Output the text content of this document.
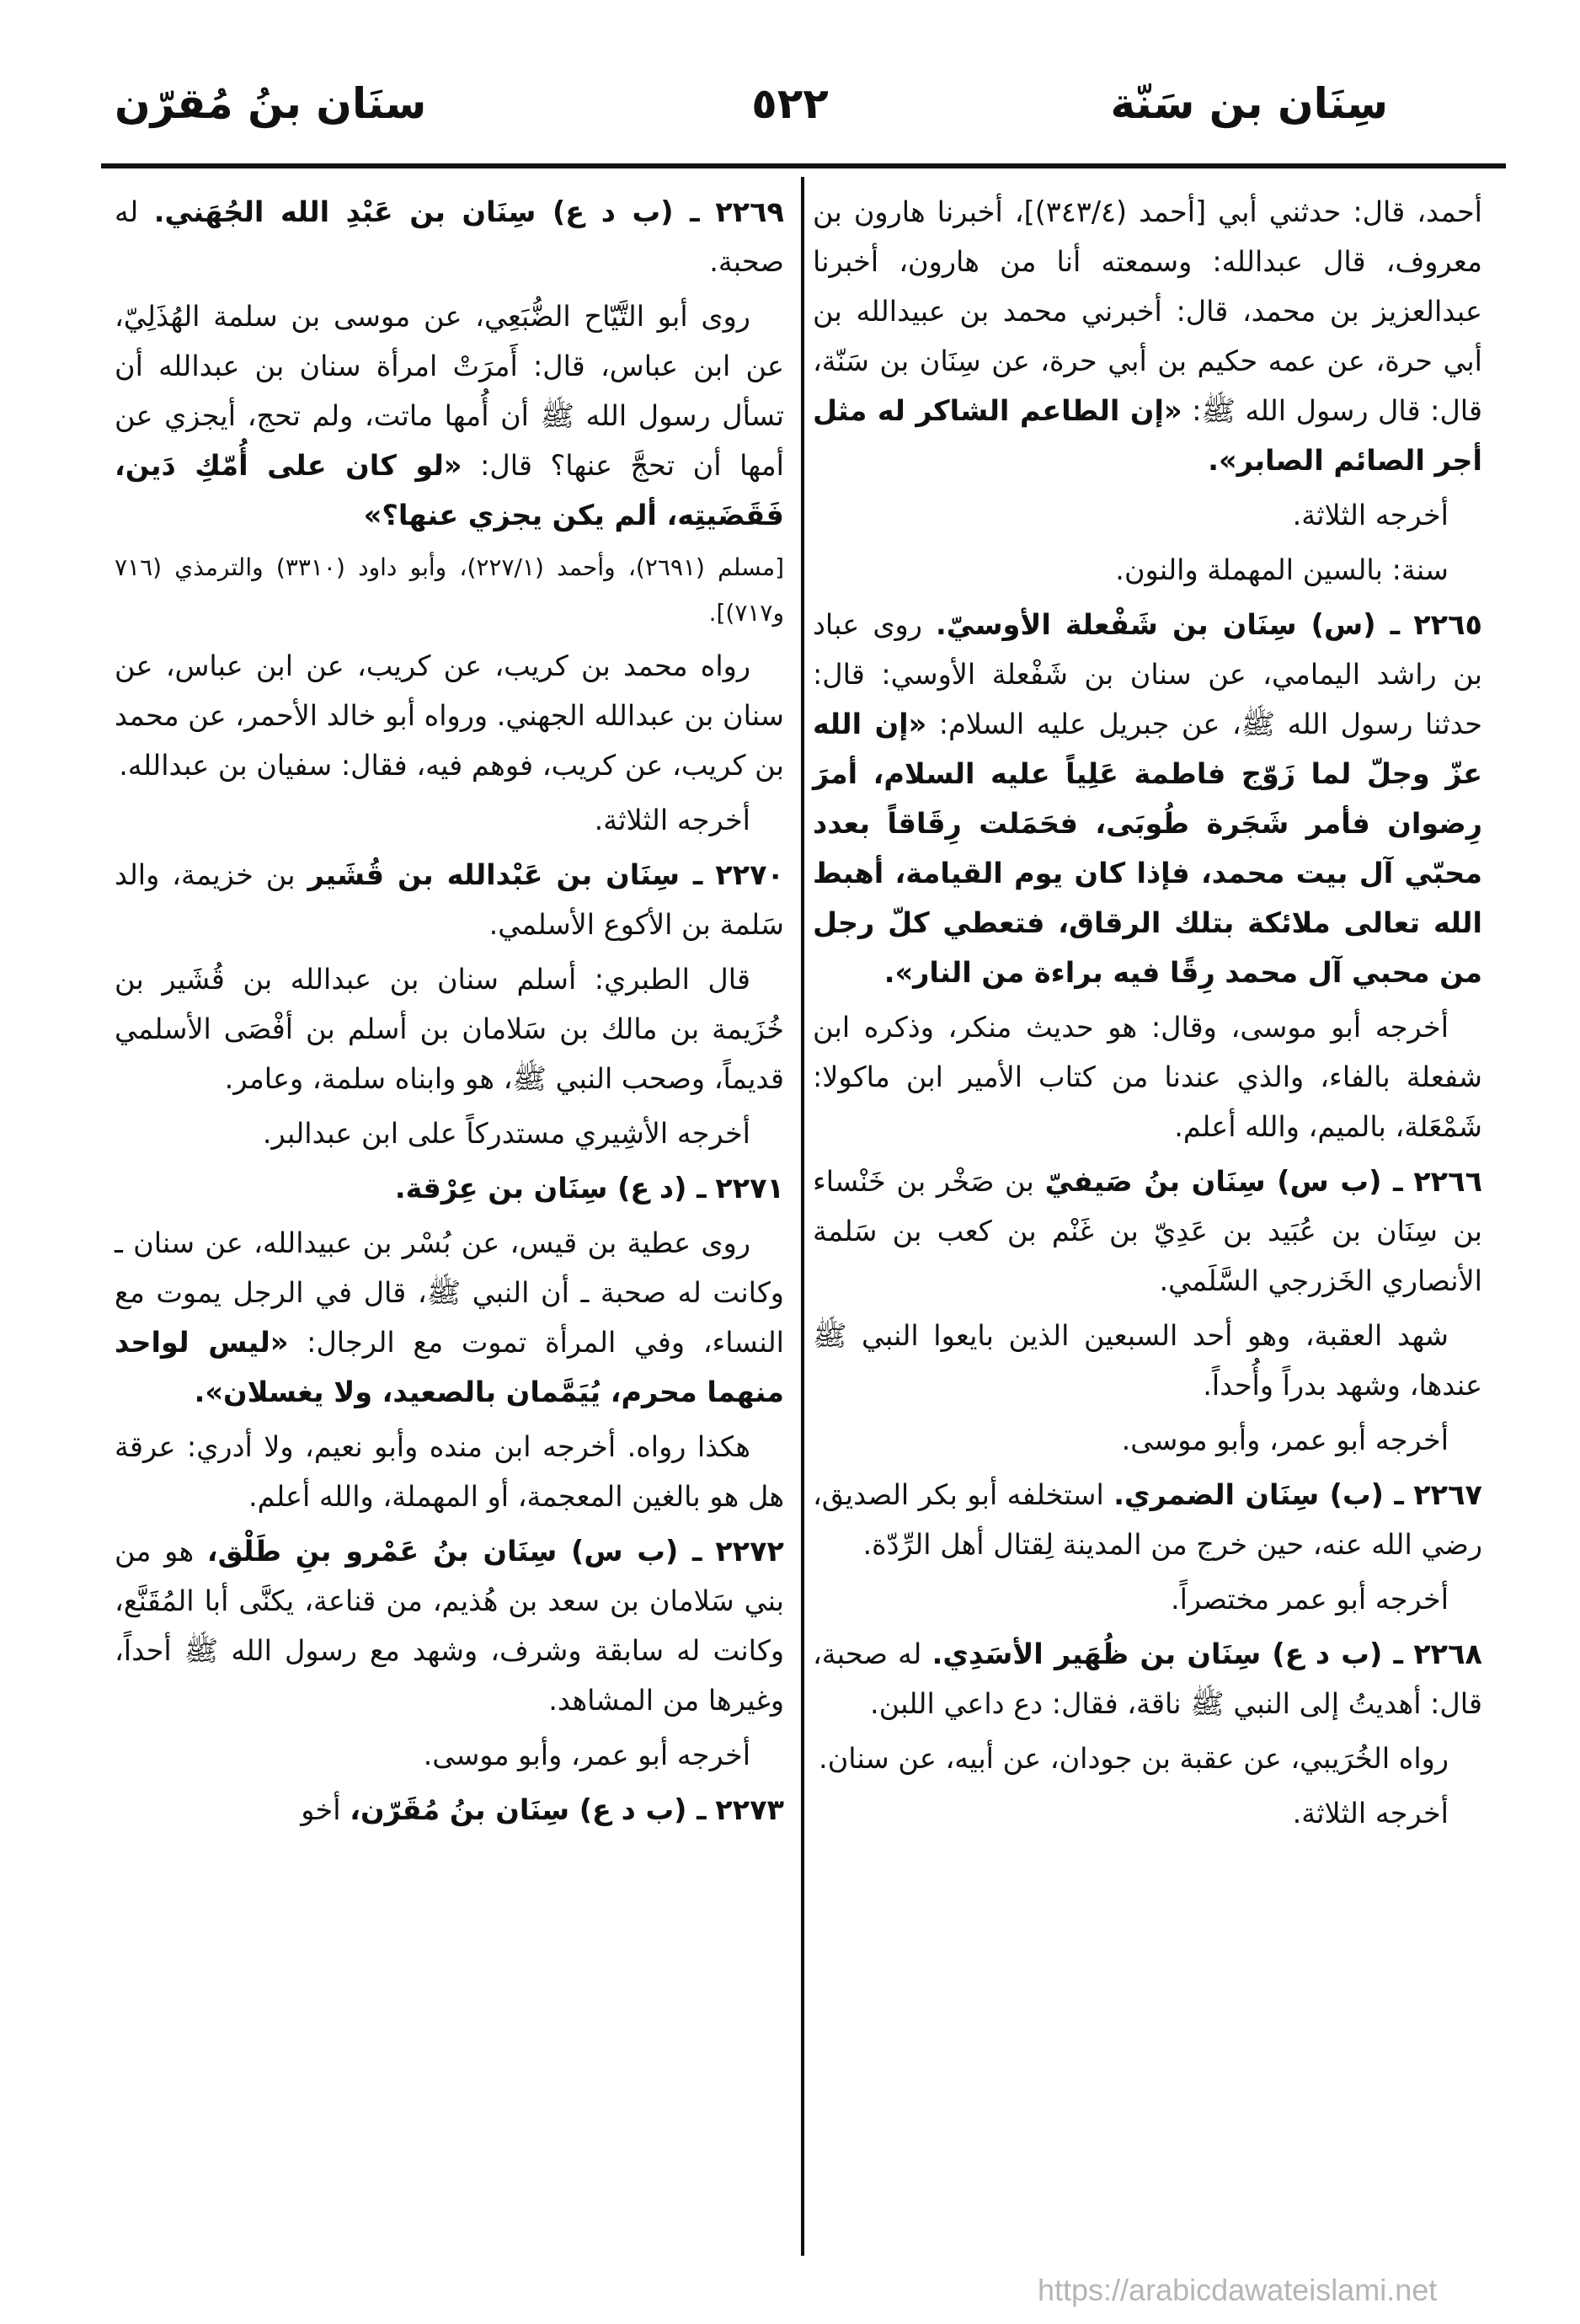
سِنَان بن سَنّة
٥٢٢
سنَان بنُ مُقرّن

أحمد، قال: حدثني أبي [أحمد (٣٤٣/٤)]، أخبرنا هارون بن معروف، قال عبدالله: وسمعته أنا من هارون، أخبرنا عبدالعزيز بن محمد، قال: أخبرني محمد بن عبيدالله بن أبي حرة، عن عمه حكيم بن أبي حرة، عن سِنَان بن سَنّة، قال: قال رسول الله ﷺ: «إن الطاعم الشاكر له مثل أجر الصائم الصابر».

أخرجه الثلاثة.

سنة: بالسين المهملة والنون.

٢٢٦٥ ـ (س) سِنَان بن شَفْعلة الأوسيّ. روى عباد بن راشد اليمامي، عن سنان بن شَفْعلة الأوسي: قال: حدثنا رسول الله ﷺ، عن جبريل عليه السلام: «إن الله عزّ وجلّ لما زَوّج فاطمة عَلِياً عليه السلام، أمرَ رِضوان فأمر شَجَرة طُوبَى، فحَمَلت رِقَاقاً بعدد محبّي آل بيت محمد، فإذا كان يوم القيامة، أهبط الله تعالى ملائكة بتلك الرقاق، فتعطي كلّ رجل من محبي آل محمد رِقًا فيه براءة من النار».

أخرجه أبو موسى، وقال: هو حديث منكر، وذكره ابن شفعلة بالفاء، والذي عندنا من كتاب الأمير ابن ماكولا: شَمْعَلة، بالميم، والله أعلم.

٢٢٦٦ ـ (ب س) سِنَان بنُ صَيفيّ بن صَخْر بن خَنْساء بن سِنَان بن عُبَيد بن عَدِيّ بن غَنْم بن كعب بن سَلمة الأنصاري الخَزرجي السَّلَمي.

شهد العقبة، وهو أحد السبعين الذين بايعوا النبي ﷺ عندها، وشهد بدراً وأُحداً.

أخرجه أبو عمر، وأبو موسى.

٢٢٦٧ ـ (ب) سِنَان الضمري. استخلفه أبو بكر الصديق، رضي الله عنه، حين خرج من المدينة لِقتال أهل الرِّدّة.

أخرجه أبو عمر مختصراً.

٢٢٦٨ ـ (ب د ع) سِنَان بن ظُهَير الأسَدِي. له صحبة، قال: أهديتُ إلى النبي ﷺ ناقة، فقال: دع داعي اللبن.

رواه الخُرَيبي، عن عقبة بن جودان، عن أبيه، عن سنان.

أخرجه الثلاثة.

٢٢٦٩ ـ (ب د ع) سِنَان بن عَبْدِ الله الجُهَني. له صحبة.

روى أبو التَّيّاح الضُّبَعِي، عن موسى بن سلمة الهُذَلِيّ، عن ابن عباس، قال: أَمرَتْ امرأة سنان بن عبدالله أن تسأل رسول الله ﷺ أن أُمها ماتت، ولم تحج، أيجزي عن أمها أن تحجَّ عنها؟ قال: «لو كان على أُمّكِ دَين، فَقَضَيتِه، ألم يكن يجزي عنها؟»

[مسلم (٢٦٩١)، وأحمد (٢٢٧/١)، وأبو داود (٣٣١٠) والترمذي (٧١٦ و٧١٧)].

رواه محمد بن كريب، عن كريب، عن ابن عباس، عن سنان بن عبدالله الجهني. ورواه أبو خالد الأحمر، عن محمد بن كريب، عن كريب، فوهم فيه، فقال: سفيان بن عبدالله.

أخرجه الثلاثة.

٢٢٧٠ ـ سِنَان بن عَبْدالله بن قُشَير بن خزيمة، والد سَلمة بن الأكوع الأسلمي.

قال الطبري: أسلم سنان بن عبدالله بن قُشَير بن خُزَيمة بن مالك بن سَلامان بن أسلم بن أفْصَى الأسلمي قديماً، وصحب النبي ﷺ، هو وابناه سلمة، وعامر.

أخرجه الأشِيري مستدركاً على ابن عبدالبر.

٢٢٧١ ـ (د ع) سِنَان بن عِرْقة.

روى عطية بن قيس، عن بُسْر بن عبيدالله، عن سنان ـ وكانت له صحبة ـ أن النبي ﷺ، قال في الرجل يموت مع النساء، وفي المرأة تموت مع الرجال: «ليس لواحد منهما محرم، يُيَمَّمان بالصعيد، ولا يغسلان».

هكذا رواه. أخرجه ابن منده وأبو نعيم، ولا أدري: عرقة هل هو بالغين المعجمة، أو المهملة، والله أعلم.

٢٢٧٢ ـ (ب س) سِنَان بنُ عَمْرو بنِ طَلْق، هو من بني سَلامان بن سعد بن هُذيم، من قناعة، يكنَّى أبا المُقَنَّع، وكانت له سابقة وشرف، وشهد مع رسول الله ﷺ أحداً، وغيرها من المشاهد.

أخرجه أبو عمر، وأبو موسى.

٢٢٧٣ ـ (ب د ع) سِنَان بنُ مُقَرّن، أخو

https://arabicdawateislami.net
